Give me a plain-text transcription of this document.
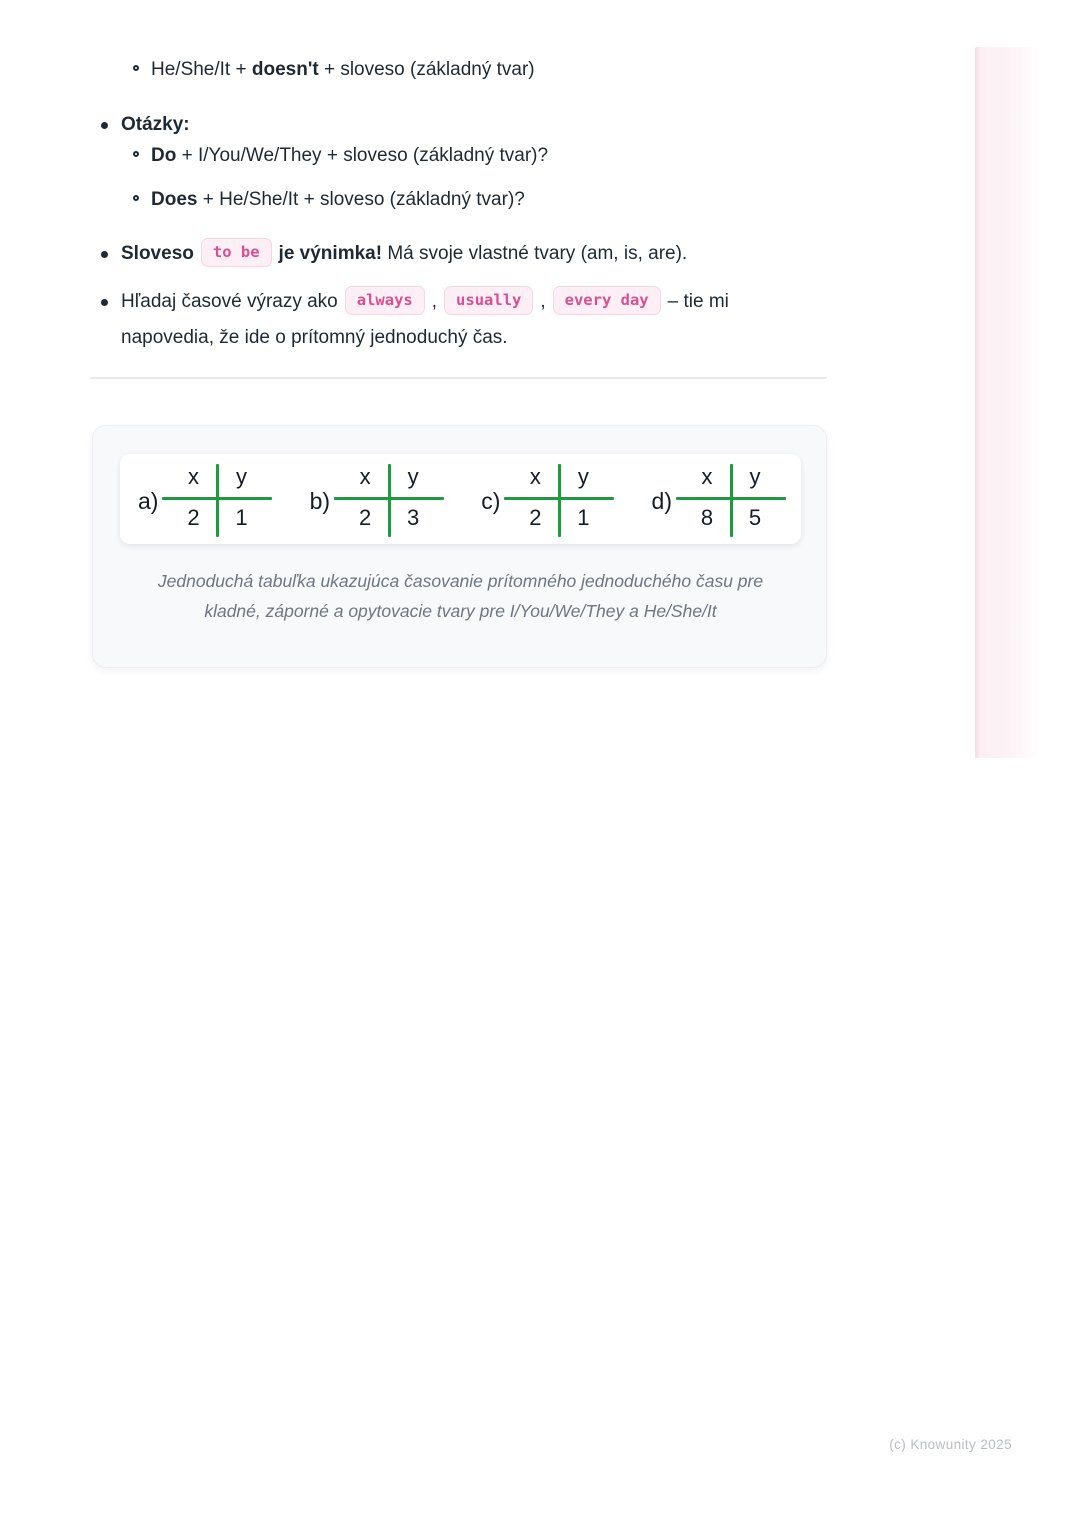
He/She/It + doesn't + sloveso (základný tvar)
Otázky:
Do + I/You/We/They + sloveso (základný tvar)?
Does + He/She/It + sloveso (základný tvar)?
Sloveso to be je výnimka! Má svoje vlastné tvary (am, is, are).
Hľadaj časové výrazy ako always , usually , every day – tie mi napovedia, že ide o prítomný jednoduchý čas.
a)
x	y
2	1
b)
x	y
2	3
c)
x	y
2	1
d)
x	y
8	5
Jednoduchá tabuľka ukazujúca časovanie prítomného jednoduchého času pre kladné, záporné a opytovacie tvary pre I/You/We/They a He/She/It
(c) Knowunity 2025
